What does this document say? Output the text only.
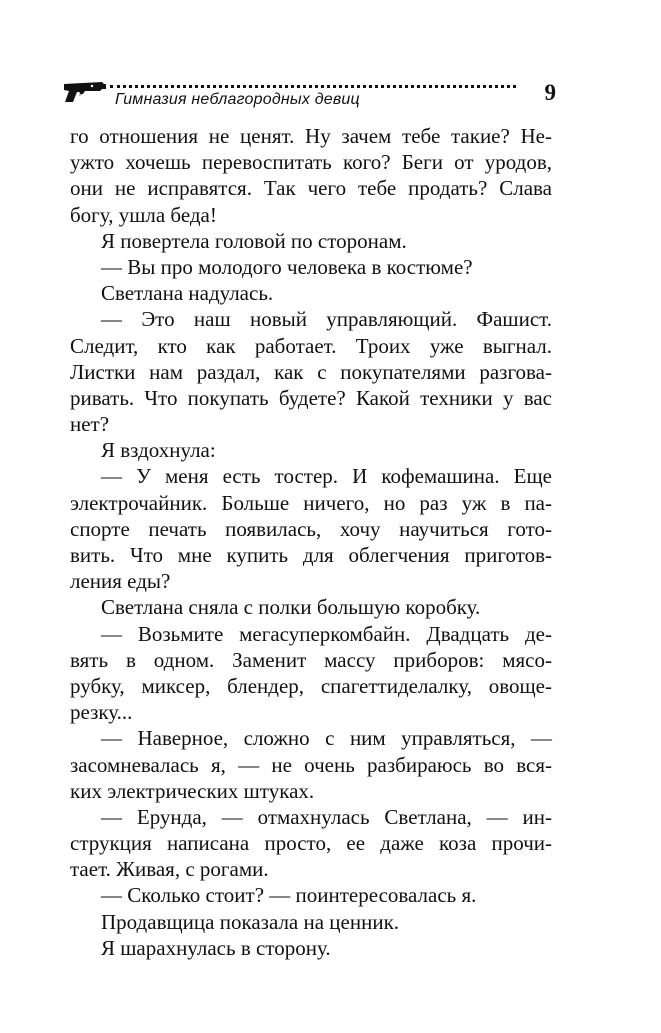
Гимназия неблагородных девиц	9
го отношения не ценят. Ну зачем тебе такие? Не-
ужто хочешь перевоспитать кого? Беги от уродов,
они не исправятся. Так чего тебе продать? Слава
богу, ушла беда!
Я повертела головой по сторонам.
— Вы про молодого человека в костюме?
Светлана надулась.
— Это наш новый управляющий. Фашист.
Следит, кто как работает. Троих уже выгнал.
Листки нам раздал, как с покупателями разгова-
ривать. Что покупать будете? Какой техники у вас
нет?
Я вздохнула:
— У меня есть тостер. И кофемашина. Еще
электрочайник. Больше ничего, но раз уж в па-
спорте печать появилась, хочу научиться гото-
вить. Что мне купить для облегчения приготов-
ления еды?
Светлана сняла с полки большую коробку.
— Возьмите мегасуперкомбайн. Двадцать де-
вять в одном. Заменит массу приборов: мясо-
рубку, миксер, блендер, спагеттиделалку, овоще-
резку...
— Наверное, сложно с ним управляться, —
засомневалась я, — не очень разбираюсь во вся-
ких электрических штуках.
— Ерунда, — отмахнулась Светлана, — ин-
струкция написана просто, ее даже коза прочи-
тает. Живая, с рогами.
— Сколько стоит? — поинтересовалась я.
Продавщица показала на ценник.
Я шарахнулась в сторону.
